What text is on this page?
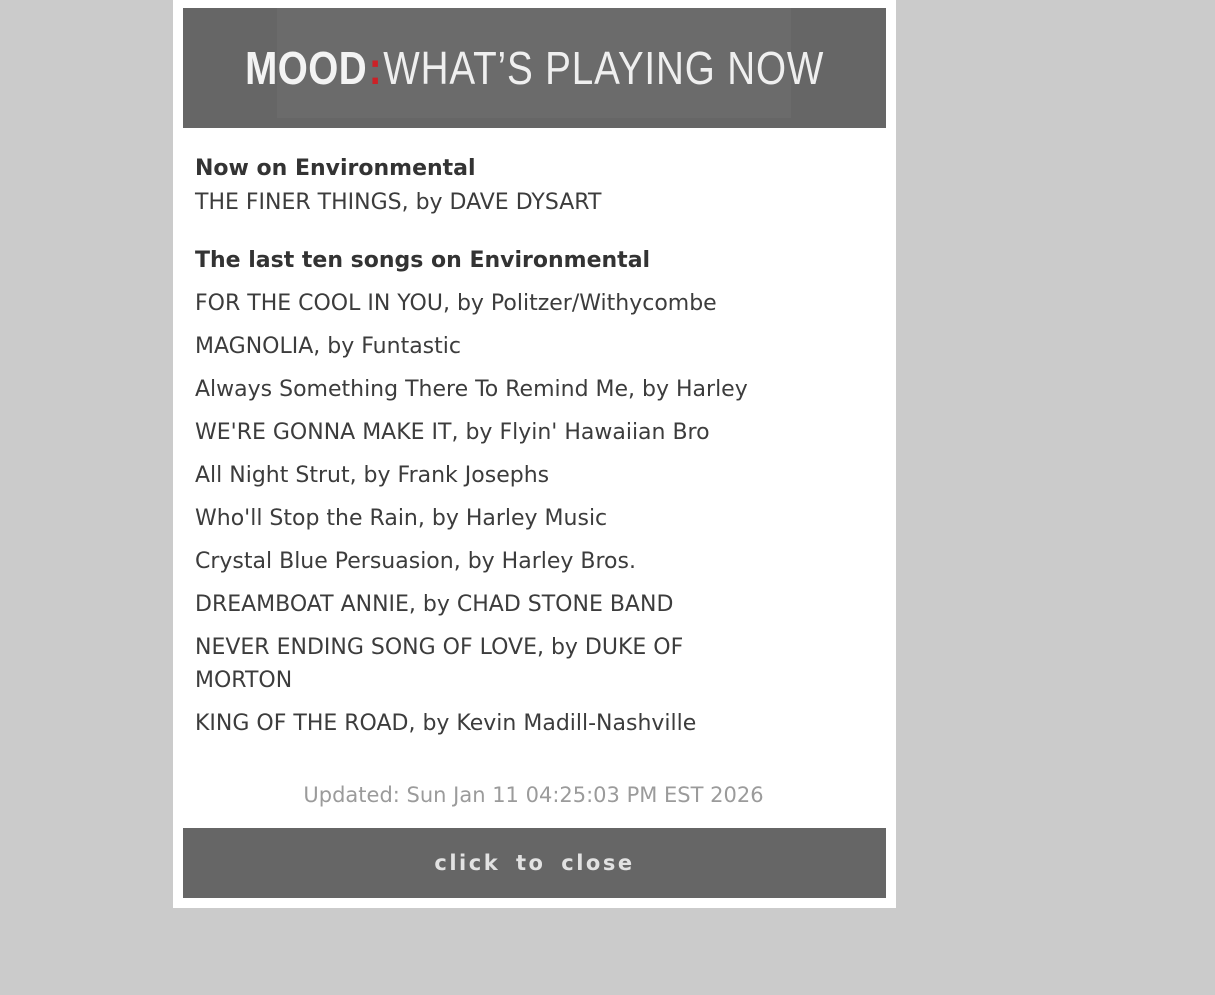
MOOD : WHAT’S PLAYING NOW
Now on Environmental

THE FINER THINGS, by DAVE DYSART

The last ten songs on Environmental
FOR THE COOL IN YOU, by Politzer/Withycombe
MAGNOLIA, by Funtastic
Always Something There To Remind Me, by Harley
WE'RE GONNA MAKE IT, by Flyin' Hawaiian Bro
All Night Strut, by Frank Josephs
Who'll Stop the Rain, by Harley Music
Crystal Blue Persuasion, by Harley Bros.
DREAMBOAT ANNIE, by CHAD STONE BAND
NEVER ENDING SONG OF LOVE, by DUKE OF MORTON
KING OF THE ROAD, by Kevin Madill-Nashville
Updated: Sun Jan 11 04:25:03 PM EST 2026
click to close
